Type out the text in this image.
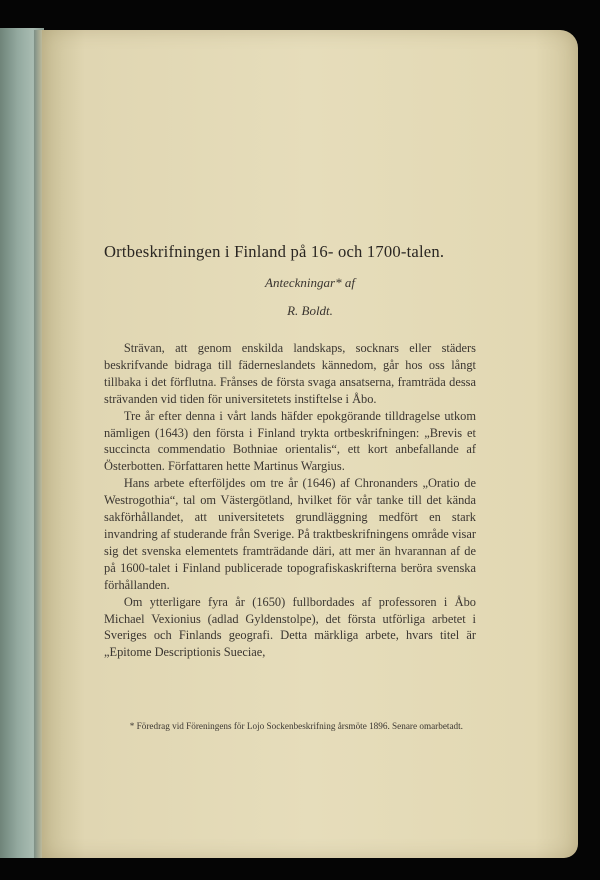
Ortbeskrifningen i Finland på 16- och 1700-talen.
Anteckningar* af
R. Boldt.

Strävan, att genom enskilda landskaps, socknars eller städers beskrifvande bidraga till fäderneslandets kännedom, går hos oss långt tillbaka i det förflutna. Frånses de första svaga ansatserna, framträda dessa strävanden vid tiden för universitetets instiftelse i Åbo.

Tre år efter denna i vårt lands häfder epokgörande tilldragelse utkom nämligen (1643) den första i Finland trykta ortbeskrifningen: „Brevis et succincta commendatio Bothniae orientalis“, ett kort anbefallande af Österbotten. Författaren hette Martinus Wargius.

Hans arbete efterföljdes om tre år (1646) af Chronanders „Oratio de Westrogothia“, tal om Västergötland, hvilket för vår tanke till det kända sakförhållandet, att universitetets grundläggning medfört en stark invandring af studerande från Sverige. På traktbeskrifningens område visar sig det svenska elementets framträdande däri, att mer än hvarannan af de på 1600-talet i Finland publicerade topografiskaskrifterna beröra svenska förhållanden.

Om ytterligare fyra år (1650) fullbordades af professoren i Åbo Michael Vexionius (adlad Gyldenstolpe), det första utförliga arbetet i Sveriges och Finlands geografi. Detta märkliga arbete, hvars titel är „Epitome Descriptionis Sueciae,

* Föredrag vid Föreningens för Lojo Sockenbeskrifning årsmöte 1896. Senare omarbetadt.
